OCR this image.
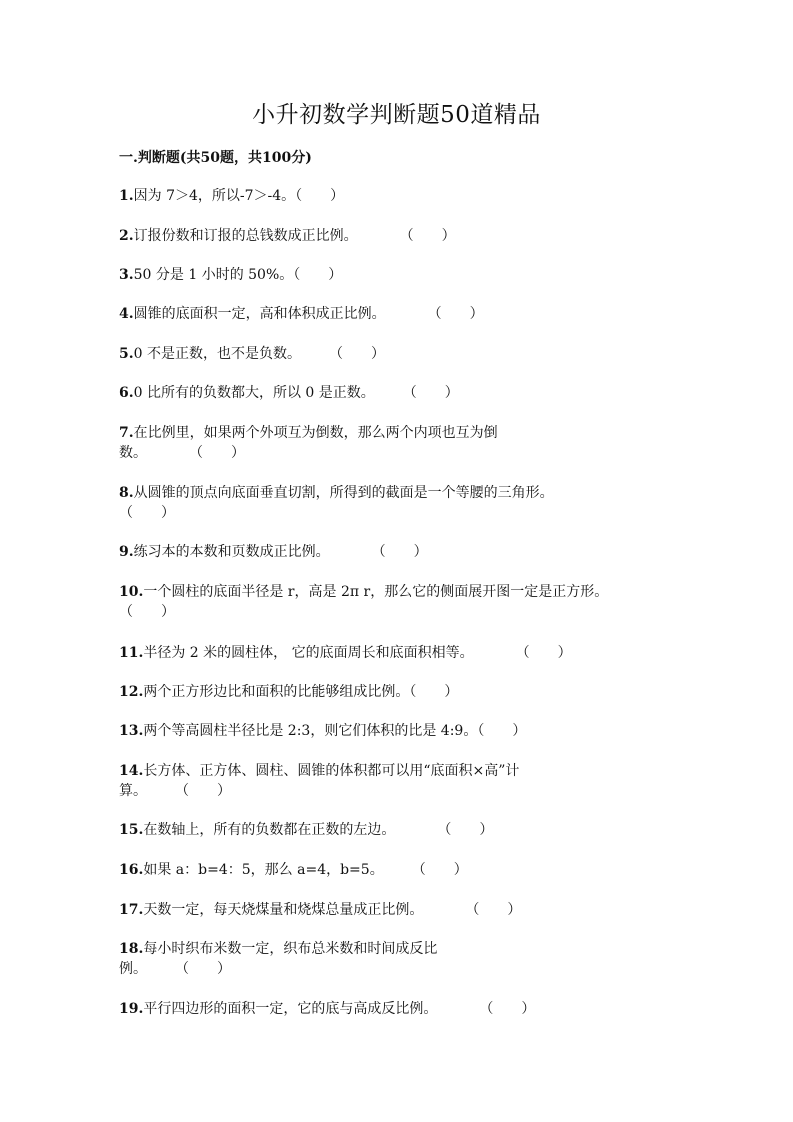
小升初数学判断题50道精品
一.判断题(共50题，共100分)
1.因为 7＞4，所以-7＞-4。（　　）
2.订报份数和订报的总钱数成正比例。　　　　（　　）
3.50 分是 1 小时的 50%。（　　）
4.圆锥的底面积一定，高和体积成正比例。　　　　（　　）
5.0 不是正数，也不是负数。　　　（　　）
6.0 比所有的负数都大，所以 0 是正数。　　　（　　）
7.在比例里，如果两个外项互为倒数，那么两个内项也互为倒
数。　　　　（　　）
8.从圆锥的顶点向底面垂直切割，所得到的截面是一个等腰的三角形。
（　　）
9.练习本的本数和页数成正比例。　　　　（　　）
10.一个圆柱的底面半径是 r，高是 2π r，那么它的侧面展开图一定是正方形。
（　　）
11.半径为 2 米的圆柱体， 它的底面周长和底面积相等。　　　　（　　）
12.两个正方形边比和面积的比能够组成比例。（　　）
13.两个等高圆柱半径比是 2:3，则它们体积的比是 4:9。（　　）
14.长方体、正方体、圆柱、圆锥的体积都可以用“底面积×高”计
算。　　　（　　）
15.在数轴上，所有的负数都在正数的左边。　　　　（　　）
16.如果 a：b=4：5，那么 a=4，b=5。　　　（　　）
17.天数一定，每天烧煤量和烧煤总量成正比例。　　　　（　　）
18.每小时织布米数一定，织布总米数和时间成反比
例。　　　（　　）
19.平行四边形的面积一定，它的底与高成反比例。　　　　（　　）
